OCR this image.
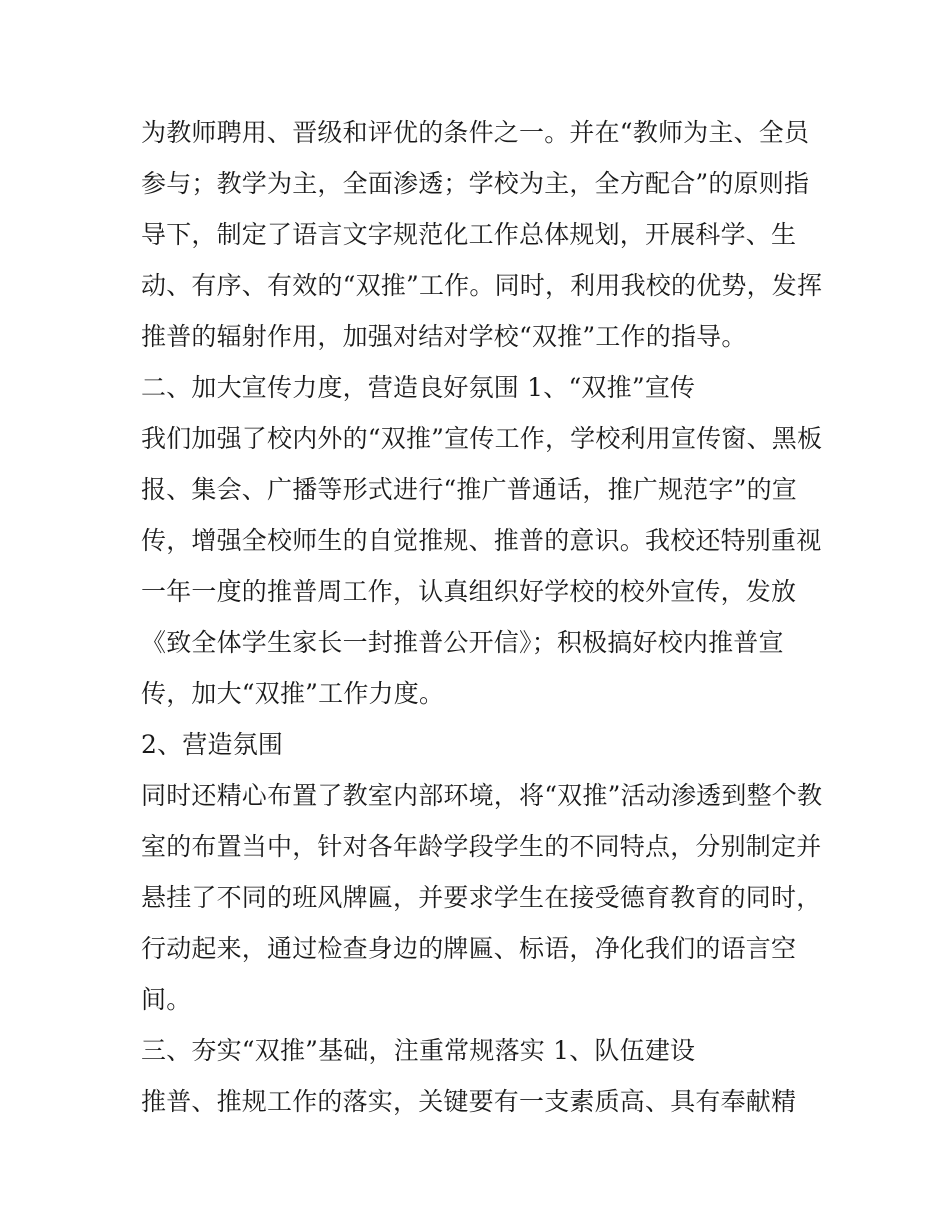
为教师聘用、晋级和评优的条件之一。并在“教师为主、全员
参与；教学为主，全面渗透；学校为主，全方配合”的原则指
导下，制定了语言文字规范化工作总体规划，开展科学、生
动、有序、有效的“双推”工作。同时，利用我校的优势，发挥
推普的辐射作用，加强对结对学校“双推”工作的指导。
二、加大宣传力度，营造良好氛围 1、“双推”宣传
我们加强了校内外的“双推”宣传工作，学校利用宣传窗、黑板
报、集会、广播等形式进行“推广普通话，推广规范字”的宣
传，增强全校师生的自觉推规、推普的意识。我校还特别重视
一年一度的推普周工作，认真组织好学校的校外宣传，发放
《致全体学生家长一封推普公开信》；积极搞好校内推普宣
传，加大“双推”工作力度。
2、营造氛围
同时还精心布置了教室内部环境，将“双推”活动渗透到整个教
室的布置当中，针对各年龄学段学生的不同特点，分别制定并
悬挂了不同的班风牌匾，并要求学生在接受德育教育的同时，
行动起来，通过检查身边的牌匾、标语，净化我们的语言空
间。
三、夯实“双推”基础，注重常规落实 1、队伍建设
推普、推规工作的落实，关键要有一支素质高、具有奉献精
